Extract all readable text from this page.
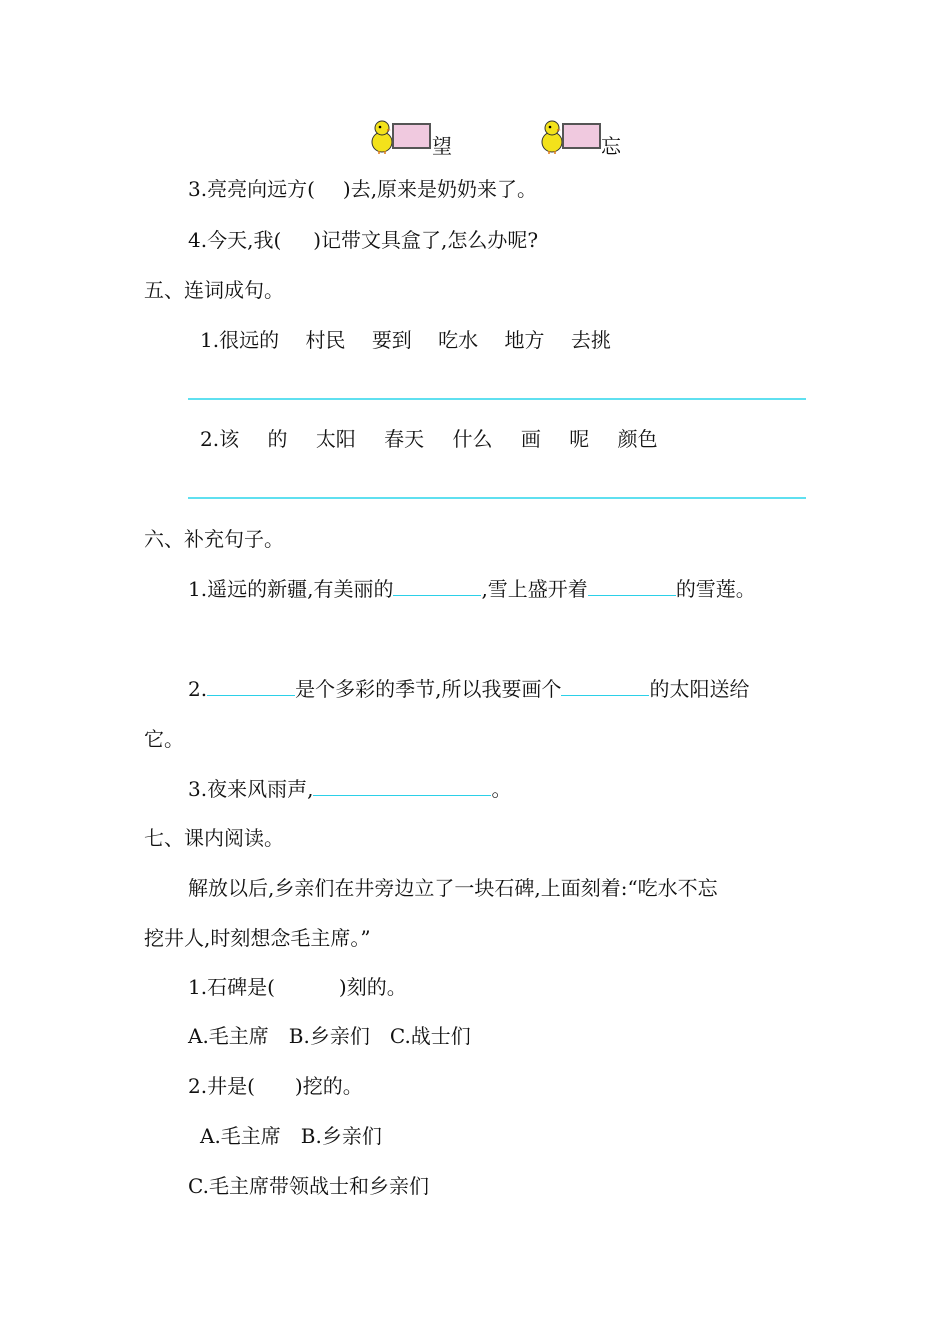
望	忘
3.亮亮向远方( )去,原来是奶奶来了。
4.今天,我( )记带文具盒了,怎么办呢?
五、连词成句。
1.很远的 村民 要到 吃水 地方 去挑
2.该 的 太阳 春天 什么 画 呢 颜色
六、补充句子。
1.遥远的新疆,有美丽的	,雪上盛开着	的雪莲。
2.	是个多彩的季节,所以我要画个	的太阳送给
它。
3.夜来风雨声,	。
七、课内阅读。
解放以后,乡亲们在井旁边立了一块石碑,上面刻着:“吃水不忘
挖井人,时刻想念毛主席。”
1.石碑是(	)刻的。
A.毛主席　B.乡亲们　C.战士们
2.井是( )挖的。
A.毛主席　B.乡亲们
C.毛主席带领战士和乡亲们
